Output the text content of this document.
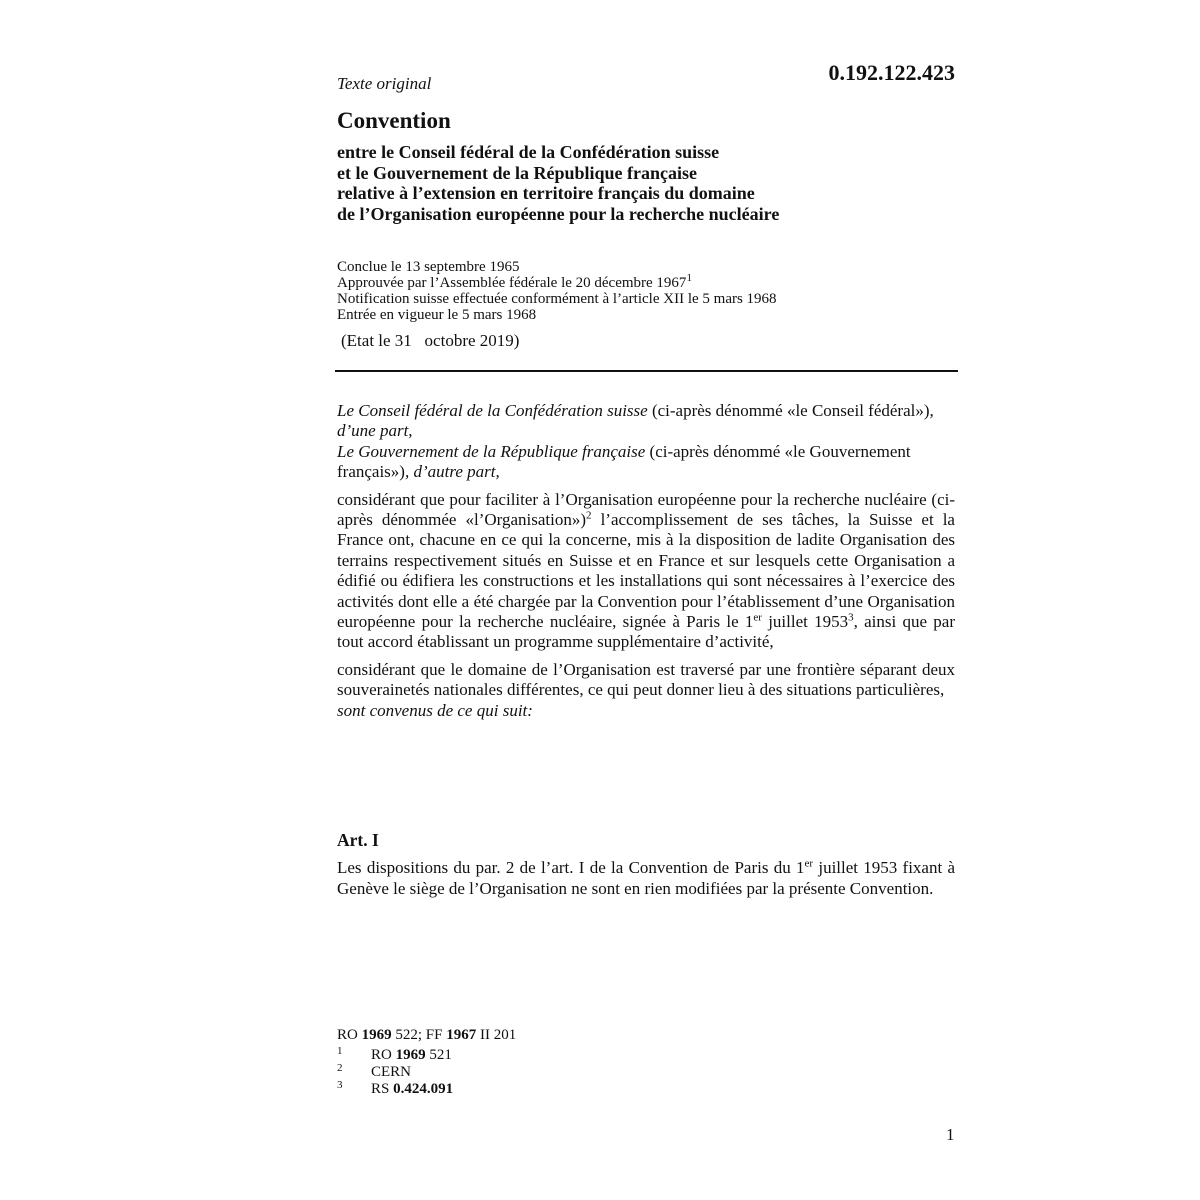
Texte original	0.192.122.423
Convention
entre le Conseil fédéral de la Confédération suisse
et le Gouvernement de la République française
relative à l’extension en territoire français du domaine
de l’Organisation européenne pour la recherche nucléaire
Conclue le 13 septembre 1965
Approuvée par l’Assemblée fédérale le 20 décembre 1967$^1$
Notification suisse effectuée conformément à l’article XII le 5 mars 1968
Entrée en vigueur le 5 mars 1968
(Etat le 31   octobre 2019)
Le Conseil fédéral de la Confédération suisse (ci-après dénommé «le Conseil fédéral»), d’une part,
Le Gouvernement de la République française (ci-après dénommé «le Gouvernement français»), d’autre part,
considérant que pour faciliter à l’Organisation européenne pour la recherche nucléaire (ci-après dénommée «l’Organisation»)$^2$ l’accomplissement de ses tâches, la Suisse et la France ont, chacune en ce qui la concerne, mis à la disposition de ladite Organisation des terrains respectivement situés en Suisse et en France et sur lesquels cette Organisation a édifié ou édifiera les constructions et les installations qui sont nécessaires à l’exercice des activités dont elle a été chargée par la Convention pour l’établissement d’une Organisation européenne pour la recherche nucléaire, signée à Paris le 1er juillet 1953$^3$, ainsi que par tout accord établissant un programme supplémentaire d’activité,
considérant que le domaine de l’Organisation est traversé par une frontière séparant deux souverainetés nationales différentes, ce qui peut donner lieu à des situations particulières,
sont convenus de ce qui suit:
Art. I
Les dispositions du par. 2 de l’art. I de la Convention de Paris du 1er juillet 1953 fixant à Genève le siège de l’Organisation ne sont en rien modifiées par la présente Convention.
RO 1969 522; FF 1967 II 201
1 RO 1969 521
2 CERN
3 RS 0.424.091
1
